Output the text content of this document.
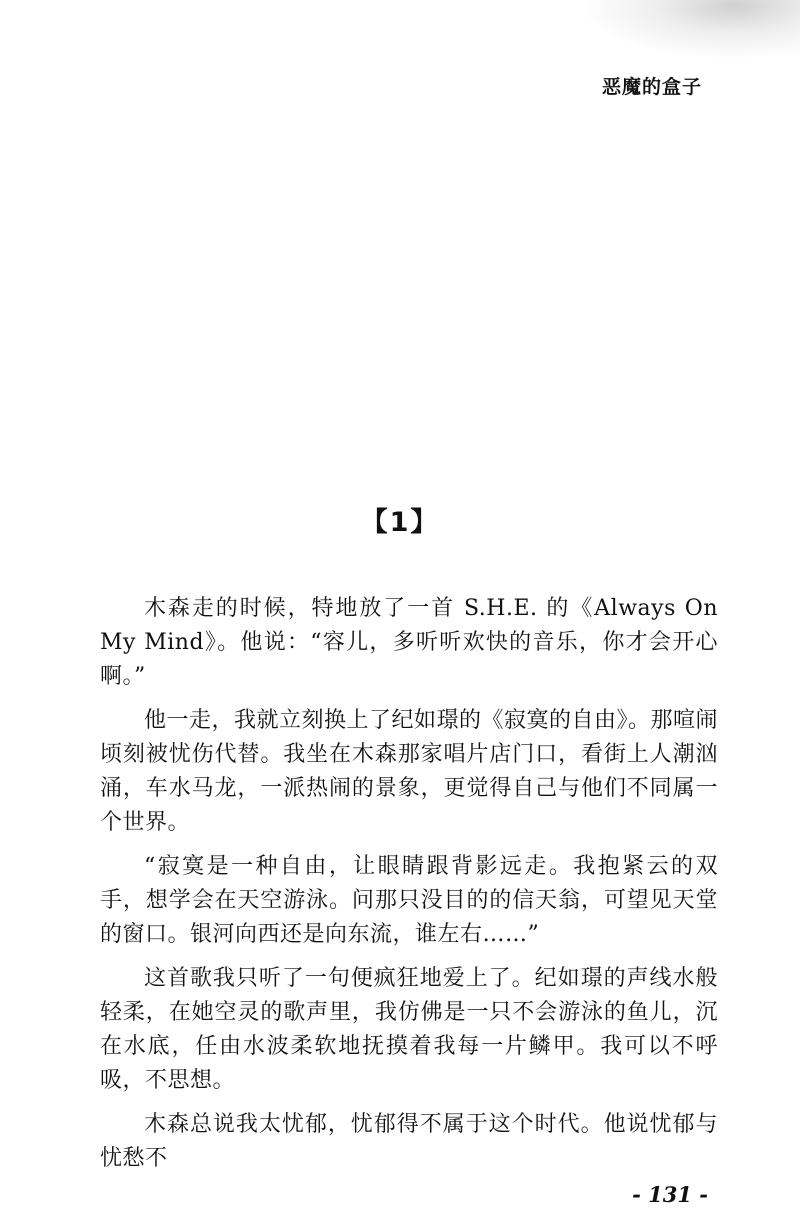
恶魔的盒子
【1】

木森走的时候，特地放了一首 S.H.E. 的《Always On My Mind》。他说：“容儿，多听听欢快的音乐，你才会开心啊。”

他一走，我就立刻换上了纪如璟的《寂寞的自由》。那喧闹顷刻被忧伤代替。我坐在木森那家唱片店门口，看街上人潮汹涌，车水马龙，一派热闹的景象，更觉得自己与他们不同属一个世界。

“寂寞是一种自由，让眼睛跟背影远走。我抱紧云的双手，想学会在天空游泳。问那只没目的的信天翁，可望见天堂的窗口。银河向西还是向东流，谁左右……”

这首歌我只听了一句便疯狂地爱上了。纪如璟的声线水般轻柔，在她空灵的歌声里，我仿佛是一只不会游泳的鱼儿，沉在水底，任由水波柔软地抚摸着我每一片鳞甲。我可以不呼吸，不思想。

木森总说我太忧郁，忧郁得不属于这个时代。他说忧郁与忧愁不

- 131 -
